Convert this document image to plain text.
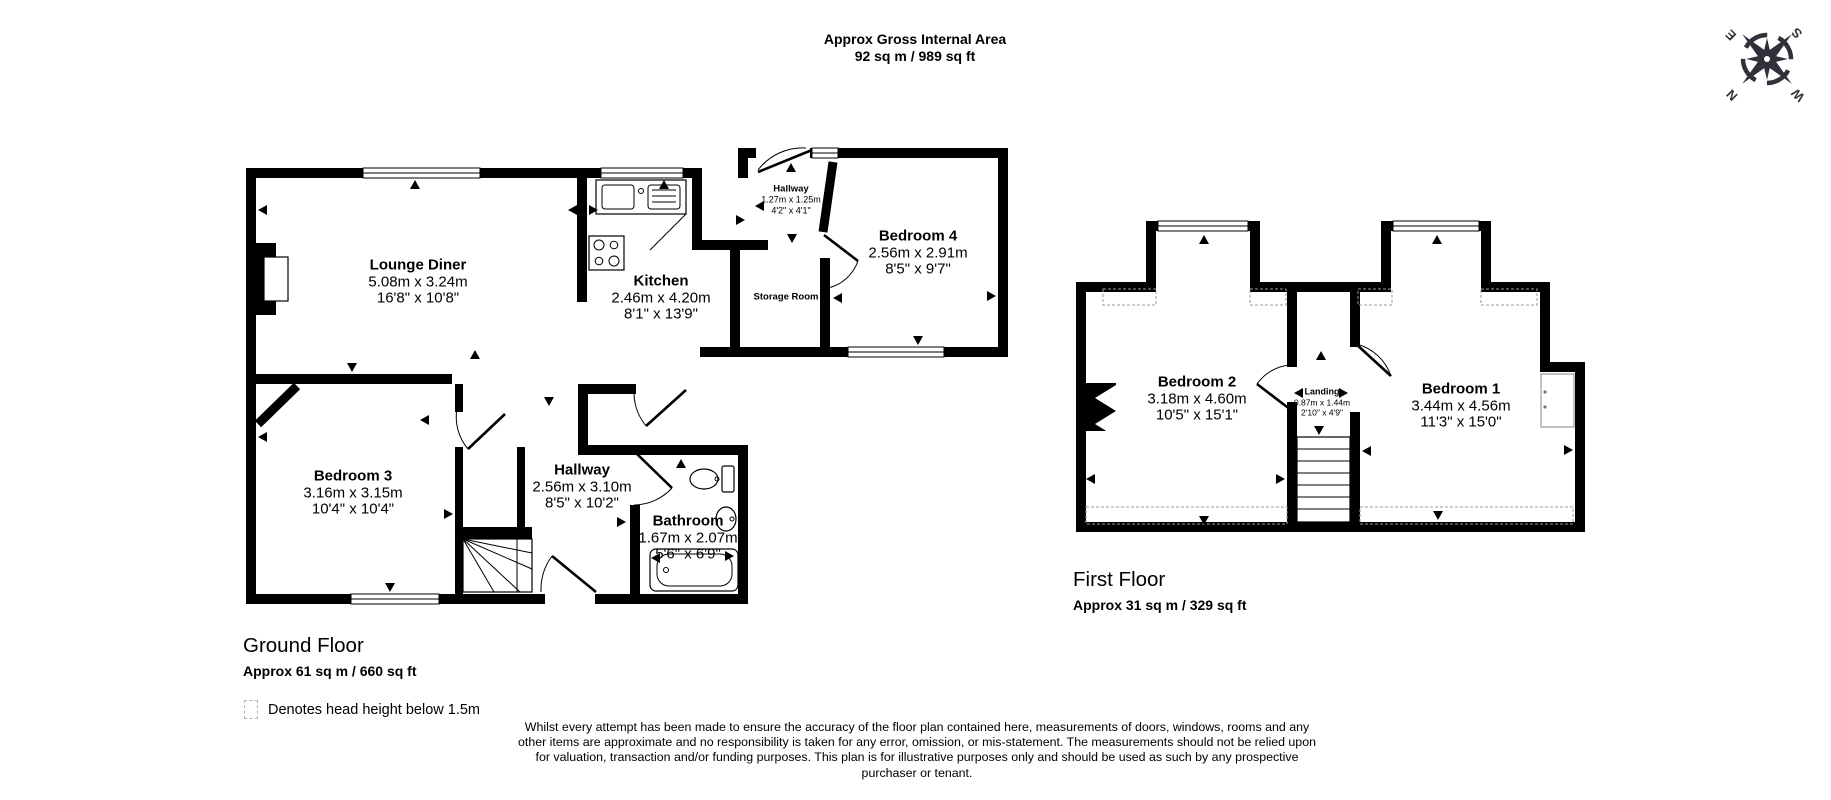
E	S
N	W
Approx Gross Internal Area
92 sq m / 989 sq ft
Lounge Diner
5.08m x 3.24m
16'8" x 10'8"
Kitchen
2.46m x 4.20m
8'1" x 13'9"
Hallway
1.27m x 1.25m
4'2" x 4'1"
Bedroom 4
2.56m x 2.91m
8'5" x 9'7"
Storage Room
Bedroom 3
3.16m x 3.15m
10'4" x 10'4"
Hallway
2.56m x 3.10m
8'5" x 10'2"
Bathroom
1.67m x 2.07m
5'6" x 6'9"
Bedroom 2
3.18m x 4.60m
10'5" x 15'1"
Landing
0.87m x 1.44m
2'10" x 4'9"
Bedroom 1
3.44m x 4.56m
11'3" x 15'0"
Ground Floor
Approx 61 sq m / 660 sq ft
First Floor
Approx 31 sq m / 329 sq ft
Denotes head height below 1.5m
Whilst every attempt has been made to ensure the accuracy of the floor plan contained here, measurements of doors, windows, rooms and any other items are approximate and no responsibility is taken for any error, omission, or mis-statement. The measurements should not be relied upon for valuation, transaction and/or funding purposes. This plan is for illustrative purposes only and should be used as such by any prospective purchaser or tenant.
